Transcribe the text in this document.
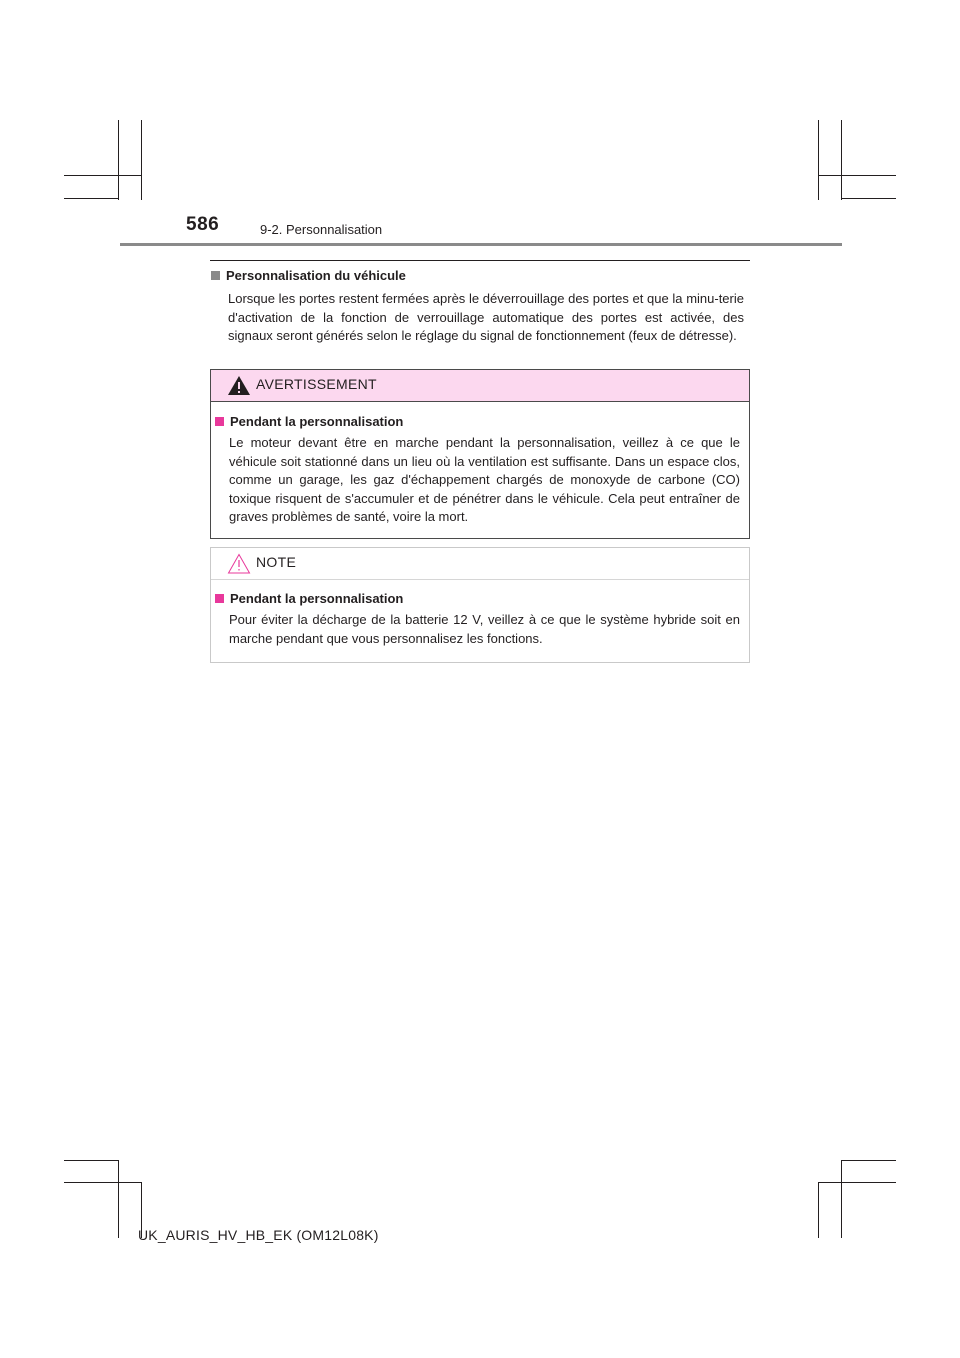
586	9-2. Personnalisation
Personnalisation du véhicule
Lorsque les portes restent fermées après le déverrouillage des portes et que la minu-terie d'activation de la fonction de verrouillage automatique des portes est activée, des signaux seront générés selon le réglage du signal de fonctionnement (feux de détresse).
AVERTISSEMENT
Pendant la personnalisation
Le moteur devant être en marche pendant la personnalisation, veillez à ce que le véhicule soit stationné dans un lieu où la ventilation est suffisante. Dans un espace clos, comme un garage, les gaz d'échappement chargés de monoxyde de carbone (CO) toxique risquent de s'accumuler et de pénétrer dans le véhicule. Cela peut entraîner de graves problèmes de santé, voire la mort.
NOTE
Pendant la personnalisation
Pour éviter la décharge de la batterie 12 V, veillez à ce que le système hybride soit en marche pendant que vous personnalisez les fonctions.
UK_AURIS_HV_HB_EK (OM12L08K)
